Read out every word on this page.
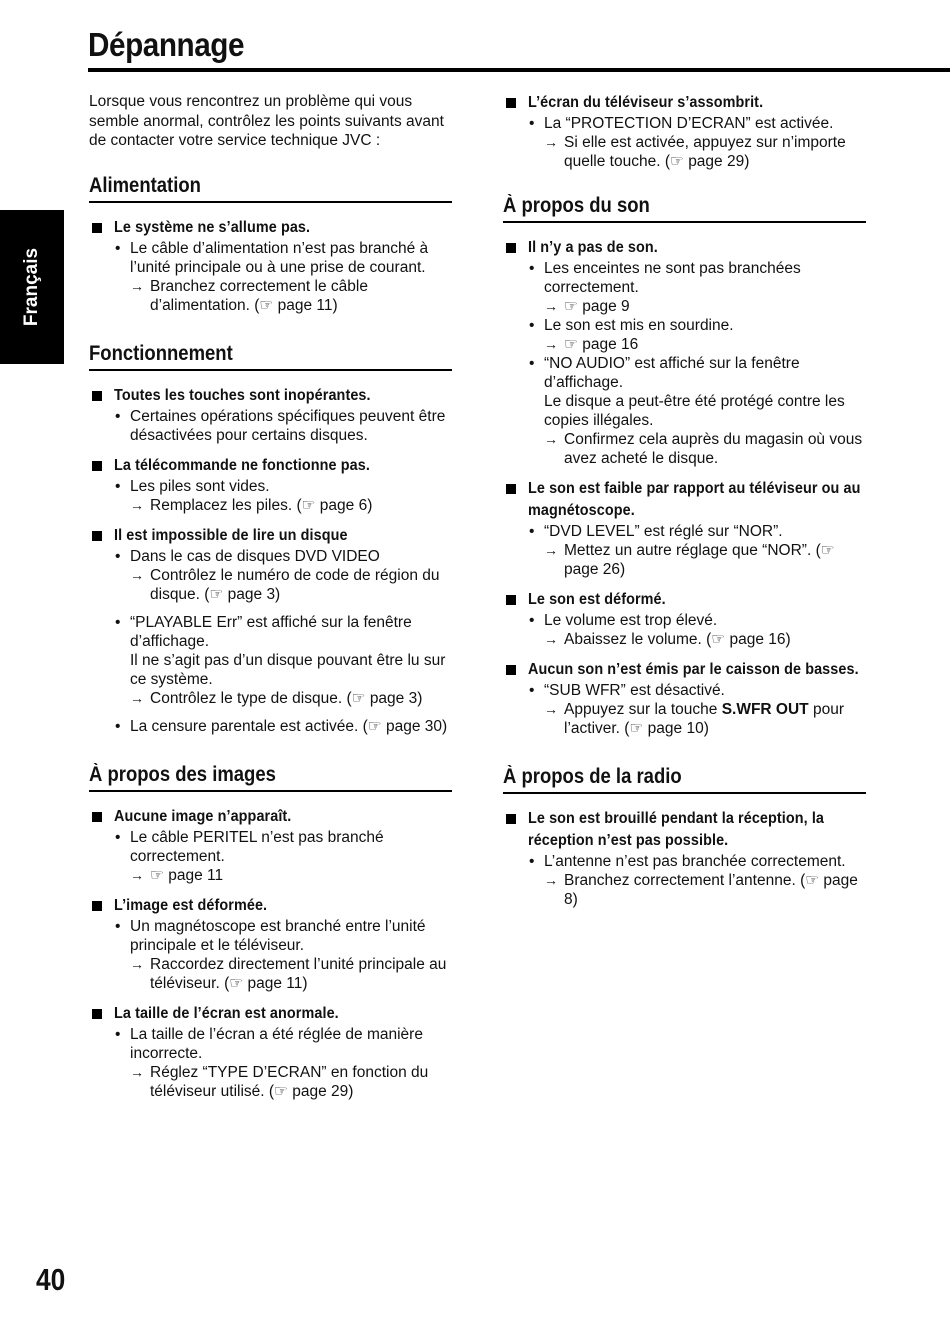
Dépannage
Français

Lorsque vous rencontrez un problème qui vous semble anormal, contrôlez les points suivants avant de contacter votre service technique JVC :

Alimentation
Le système ne s’allume pas.
• Le câble d’alimentation n’est pas branché à l’unité principale ou à une prise de courant.
→ Branchez correctement le câble d’alimentation. (☞ page 11)
Fonctionnement
Toutes les touches sont inopérantes.
• Certaines opérations spécifiques peuvent être désactivées pour certains disques.
La télécommande ne fonctionne pas.
• Les piles sont vides.
→ Remplacez les piles. (☞ page 6)
Il est impossible de lire un disque
• Dans le cas de disques DVD VIDEO
→ Contrôlez le numéro de code de région du disque. (☞ page 3)
• “PLAYABLE Err” est affiché sur la fenêtre d’affichage.
Il ne s’agit pas d’un disque pouvant être lu sur ce système.
→ Contrôlez le type de disque. (☞ page 3)
• La censure parentale est activée. (☞ page 30)
À propos des images
Aucune image n’apparaît.
• Le câble PERITEL n’est pas branché correctement.
→ ☞ page 11
L’image est déformée.
• Un magnétoscope est branché entre l’unité principale et le téléviseur.
→ Raccordez directement l’unité principale au téléviseur. (☞ page 11)
La taille de l’écran est anormale.
• La taille de l’écran a été réglée de manière incorrecte.
→ Réglez “TYPE D’ECRAN” en fonction du téléviseur utilisé. (☞ page 29)
L’écran du téléviseur s’assombrit.
• La “PROTECTION D’ECRAN” est activée.
→ Si elle est activée, appuyez sur n’importe quelle touche. (☞ page 29)
À propos du son
Il n’y a pas de son.
• Les enceintes ne sont pas branchées correctement.
→ ☞ page 9
• Le son est mis en sourdine.
→ ☞ page 16
• “NO AUDIO” est affiché sur la fenêtre d’affichage.
Le disque a peut-être été protégé contre les copies illégales.
→ Confirmez cela auprès du magasin où vous avez acheté le disque.
Le son est faible par rapport au téléviseur ou au magnétoscope.
• “DVD LEVEL” est réglé sur “NOR”.
→ Mettez un autre réglage que “NOR”. (☞ page 26)
Le son est déformé.
• Le volume est trop élevé.
→ Abaissez le volume. (☞ page 16)
Aucun son n’est émis par le caisson de basses.
• “SUB WFR” est désactivé.
→ Appuyez sur la touche S.WFR OUT pour l’activer. (☞ page 10)
À propos de la radio
Le son est brouillé pendant la réception, la réception n’est pas possible.
• L’antenne n’est pas branchée correctement.
→ Branchez correctement l’antenne. (☞ page 8)
40
